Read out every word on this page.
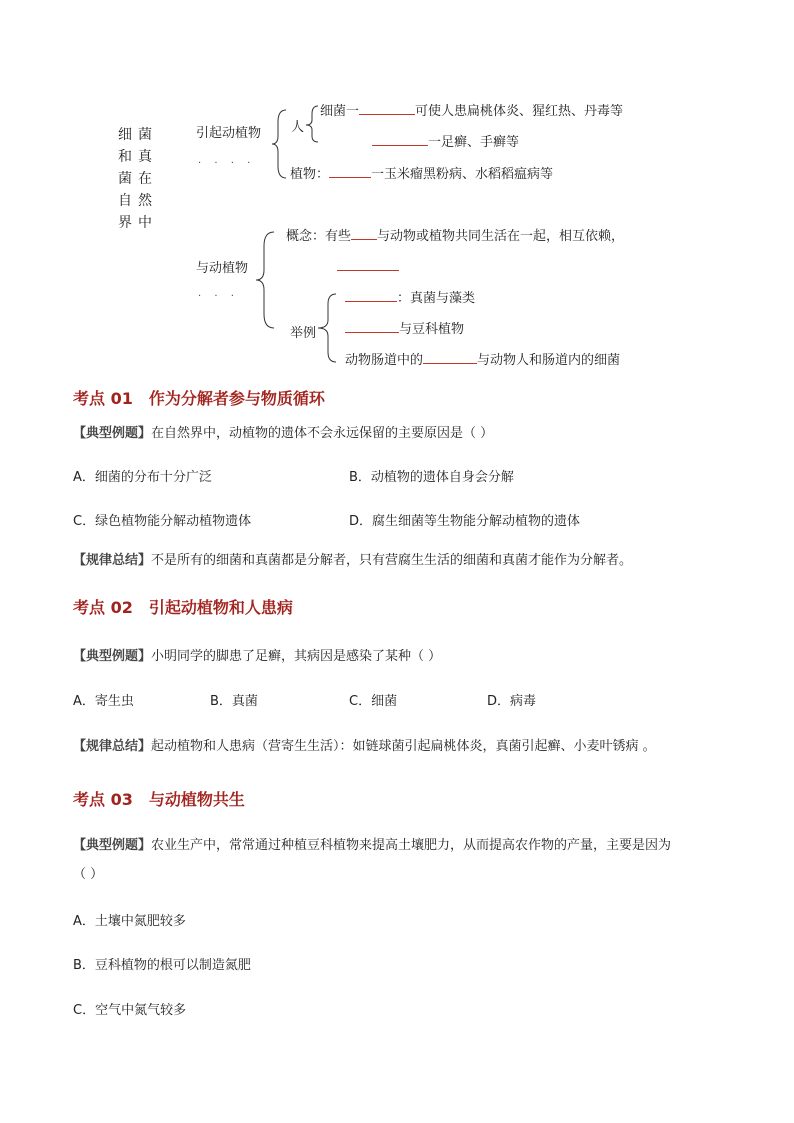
细
和
菌
自
界
菌
真
在
然
中
引起动植物
· · · ·
人
细菌一	可使人患扁桃体炎、猩红热、丹毒等
一足癣、手癣等
植物：	一玉米瘤黑粉病、水稻稻瘟病等
与动植物
· · ·
概念：有些 与动物或植物共同生活在一起，相互依赖，
举例
：真菌与藻类
与豆科植物
动物肠道中的	与动物人和肠道内的细菌
考点 01 作为分解者参与物质循环
【典型例题】在自然界中，动植物的遗体不会永远保留的主要原因是（ ）
A．细菌的分布十分广泛	B．动植物的遗体自身会分解
C．绿色植物能分解动植物遗体	D．腐生细菌等生物能分解动植物的遗体
【规律总结】不是所有的细菌和真菌都是分解者，只有营腐生生活的细菌和真菌才能作为分解者。
考点 02 引起动植物和人患病
【典型例题】小明同学的脚患了足癣，其病因是感染了某种（ ）
A．寄生虫	B．真菌	C．细菌	D．病毒
【规律总结】起动植物和人患病（营寄生生活）：如链球菌引起扁桃体炎，真菌引起癣、小麦叶锈病 。
考点 03 与动植物共生
【典型例题】农业生产中，常常通过种植豆科植物来提高土壤肥力，从而提高农作物的产量，主要是因为
（ ）
A．土壤中氮肥较多
B．豆科植物的根可以制造氮肥
C．空气中氮气较多
